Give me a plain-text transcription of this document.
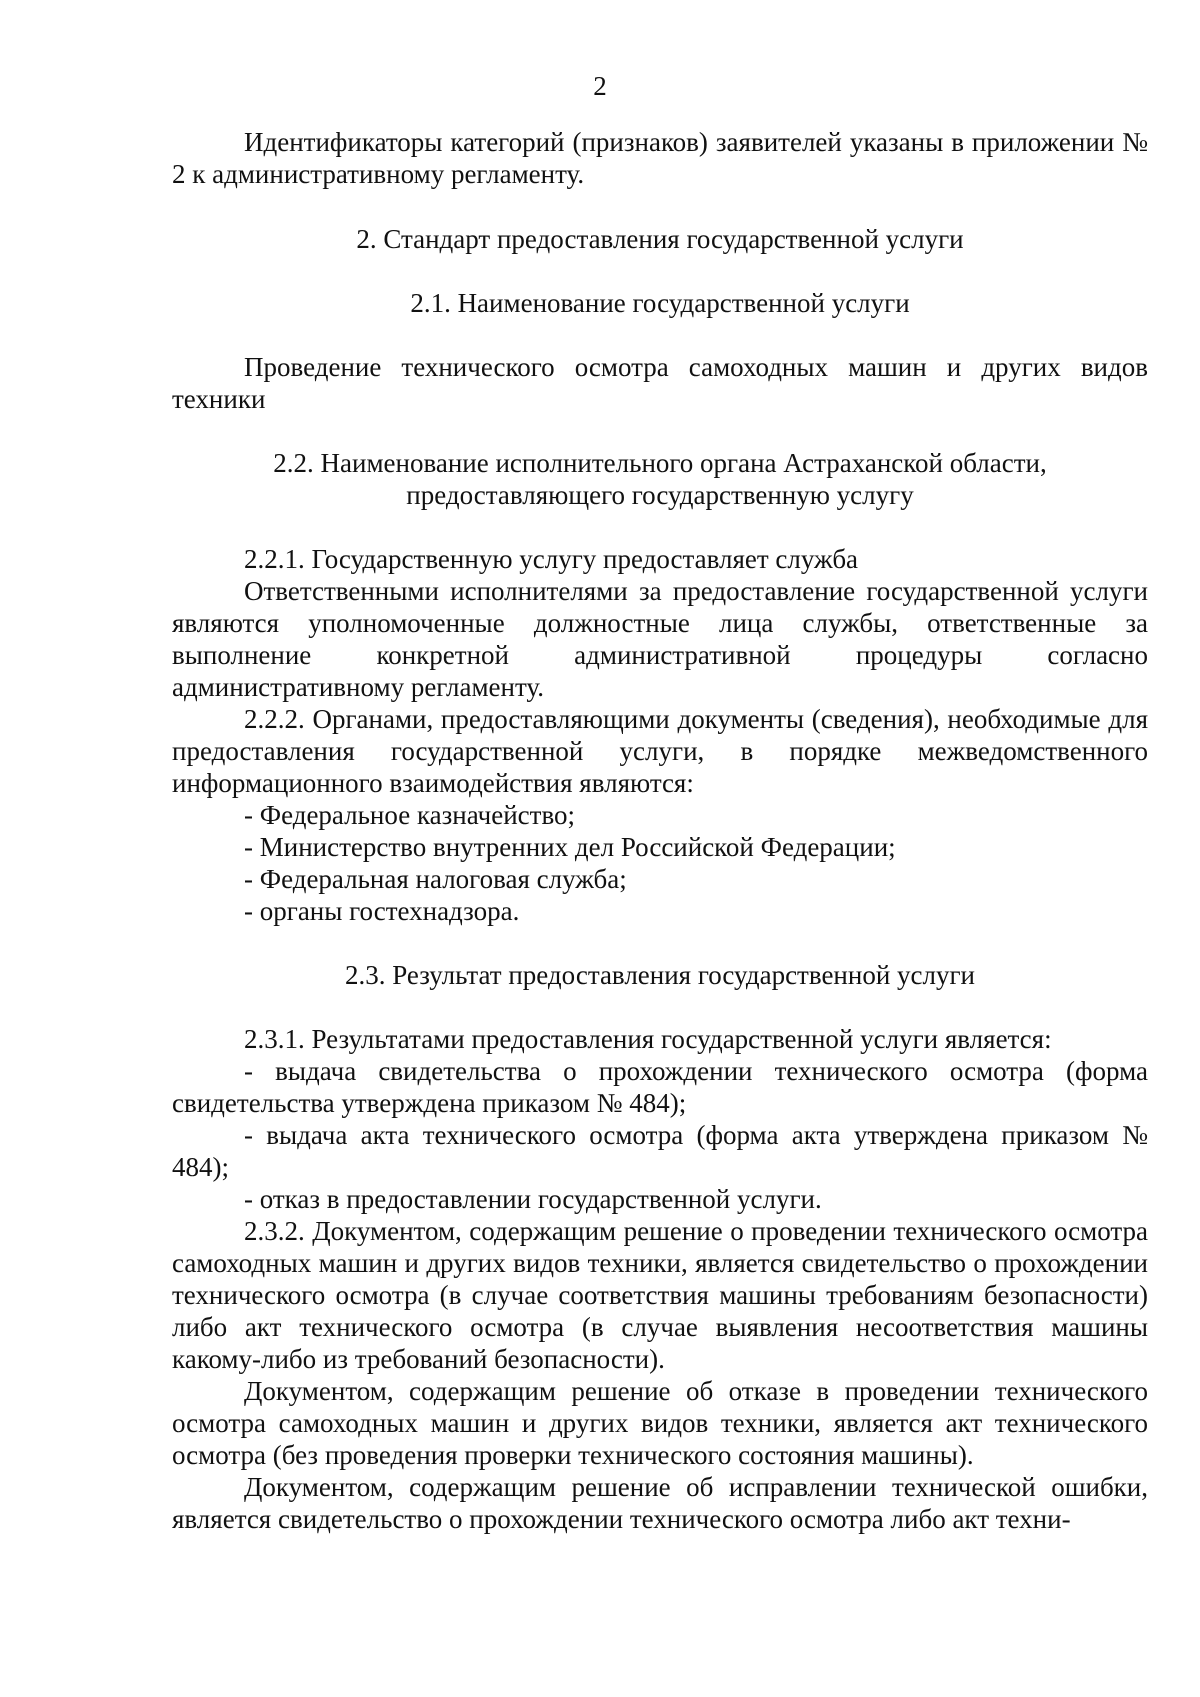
2

Идентификаторы категорий (признаков) заявителей указаны в приложении № 2 к административному регламенту.

2. Стандарт предоставления государственной услуги

2.1. Наименование государственной услуги

Проведение технического осмотра самоходных машин и других видов техники

2.2. Наименование исполнительного органа Астраханской области, предоставляющего государственную услугу

2.2.1. Государственную услугу предоставляет служба

Ответственными исполнителями за предоставление государственной услуги являются уполномоченные должностные лица службы, ответственные за выполнение конкретной административной процедуры согласно административному регламенту.

2.2.2. Органами, предоставляющими документы (сведения), необходимые для предоставления государственной услуги, в порядке межведомственного информационного взаимодействия являются:

- Федеральное казначейство;

- Министерство внутренних дел Российской Федерации;

- Федеральная налоговая служба;

- органы гостехнадзора.

2.3. Результат предоставления государственной услуги

2.3.1. Результатами предоставления государственной услуги является:

- выдача свидетельства о прохождении технического осмотра (форма свидетельства утверждена приказом № 484);

- выдача акта технического осмотра (форма акта утверждена приказом № 484);

- отказ в предоставлении государственной услуги.

2.3.2. Документом, содержащим решение о проведении технического осмотра самоходных машин и других видов техники, является свидетельство о прохождении технического осмотра (в случае соответствия машины требованиям безопасности) либо акт технического осмотра (в случае выявления несоответствия машины какому-либо из требований безопасности).

Документом, содержащим решение об отказе в проведении технического осмотра самоходных машин и других видов техники, является акт технического осмотра (без проведения проверки технического состояния машины).

Документом, содержащим решение об исправлении технической ошибки, является свидетельство о прохождении технического осмотра либо акт техни-
